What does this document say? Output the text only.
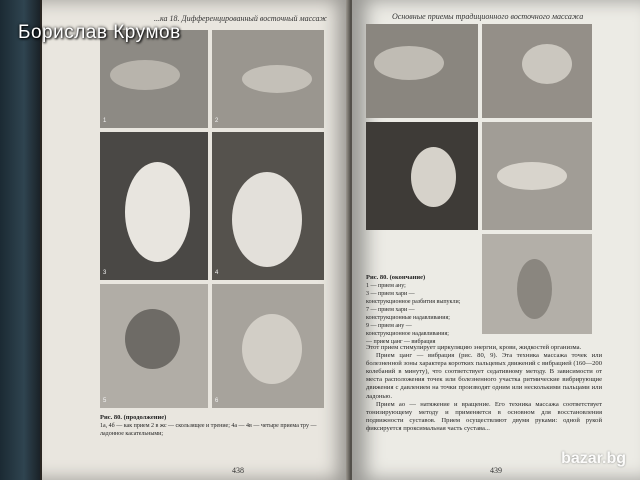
...ка 18. Дифференцированный восточный массаж
1	2
3	4
5	6
Рис. 80. (продолжение)
1а, 4б — как прием 2 в жс — скользящее и трение; 4а — 4в — четыре приема тру — ладонное касательными;
438
Основные приемы традиционного восточного массажа
Рис. 80. (окончание)
1 — прием ану;
3 — прием хари —
конструкционное разбития выпукли;
7 — прием хари —
конструкционные надавливания;
9 — прием ану —
конструкционное надавливания;
— прием цанг — вибрация
Этот прием стимулирует циркуляцию энергии, крови, жидкостей организма.
Прием цанг — вибрация (рис. 80, 9). Эта техника массажа точек или болезненной зоны характера коротких пальцевых движений с вибрацией (160—200 колебаний в минуту), что соответствует седативному методу. В зависимости от места расположения точек или болезненного участка ритмические вибрирующие движения с давлением на точки производят одним или несколькими пальцами или ладонью.
Прием ао — натяжение и вращение. Его техника массажа соответствует тонизирующему методу и применяется в основном для восстановления подвижности суставов. Прием осуществляют двумя руками: одной рукой фиксируется проксимальная часть сустава...
439
Борислав Крумов
bazar.bg
